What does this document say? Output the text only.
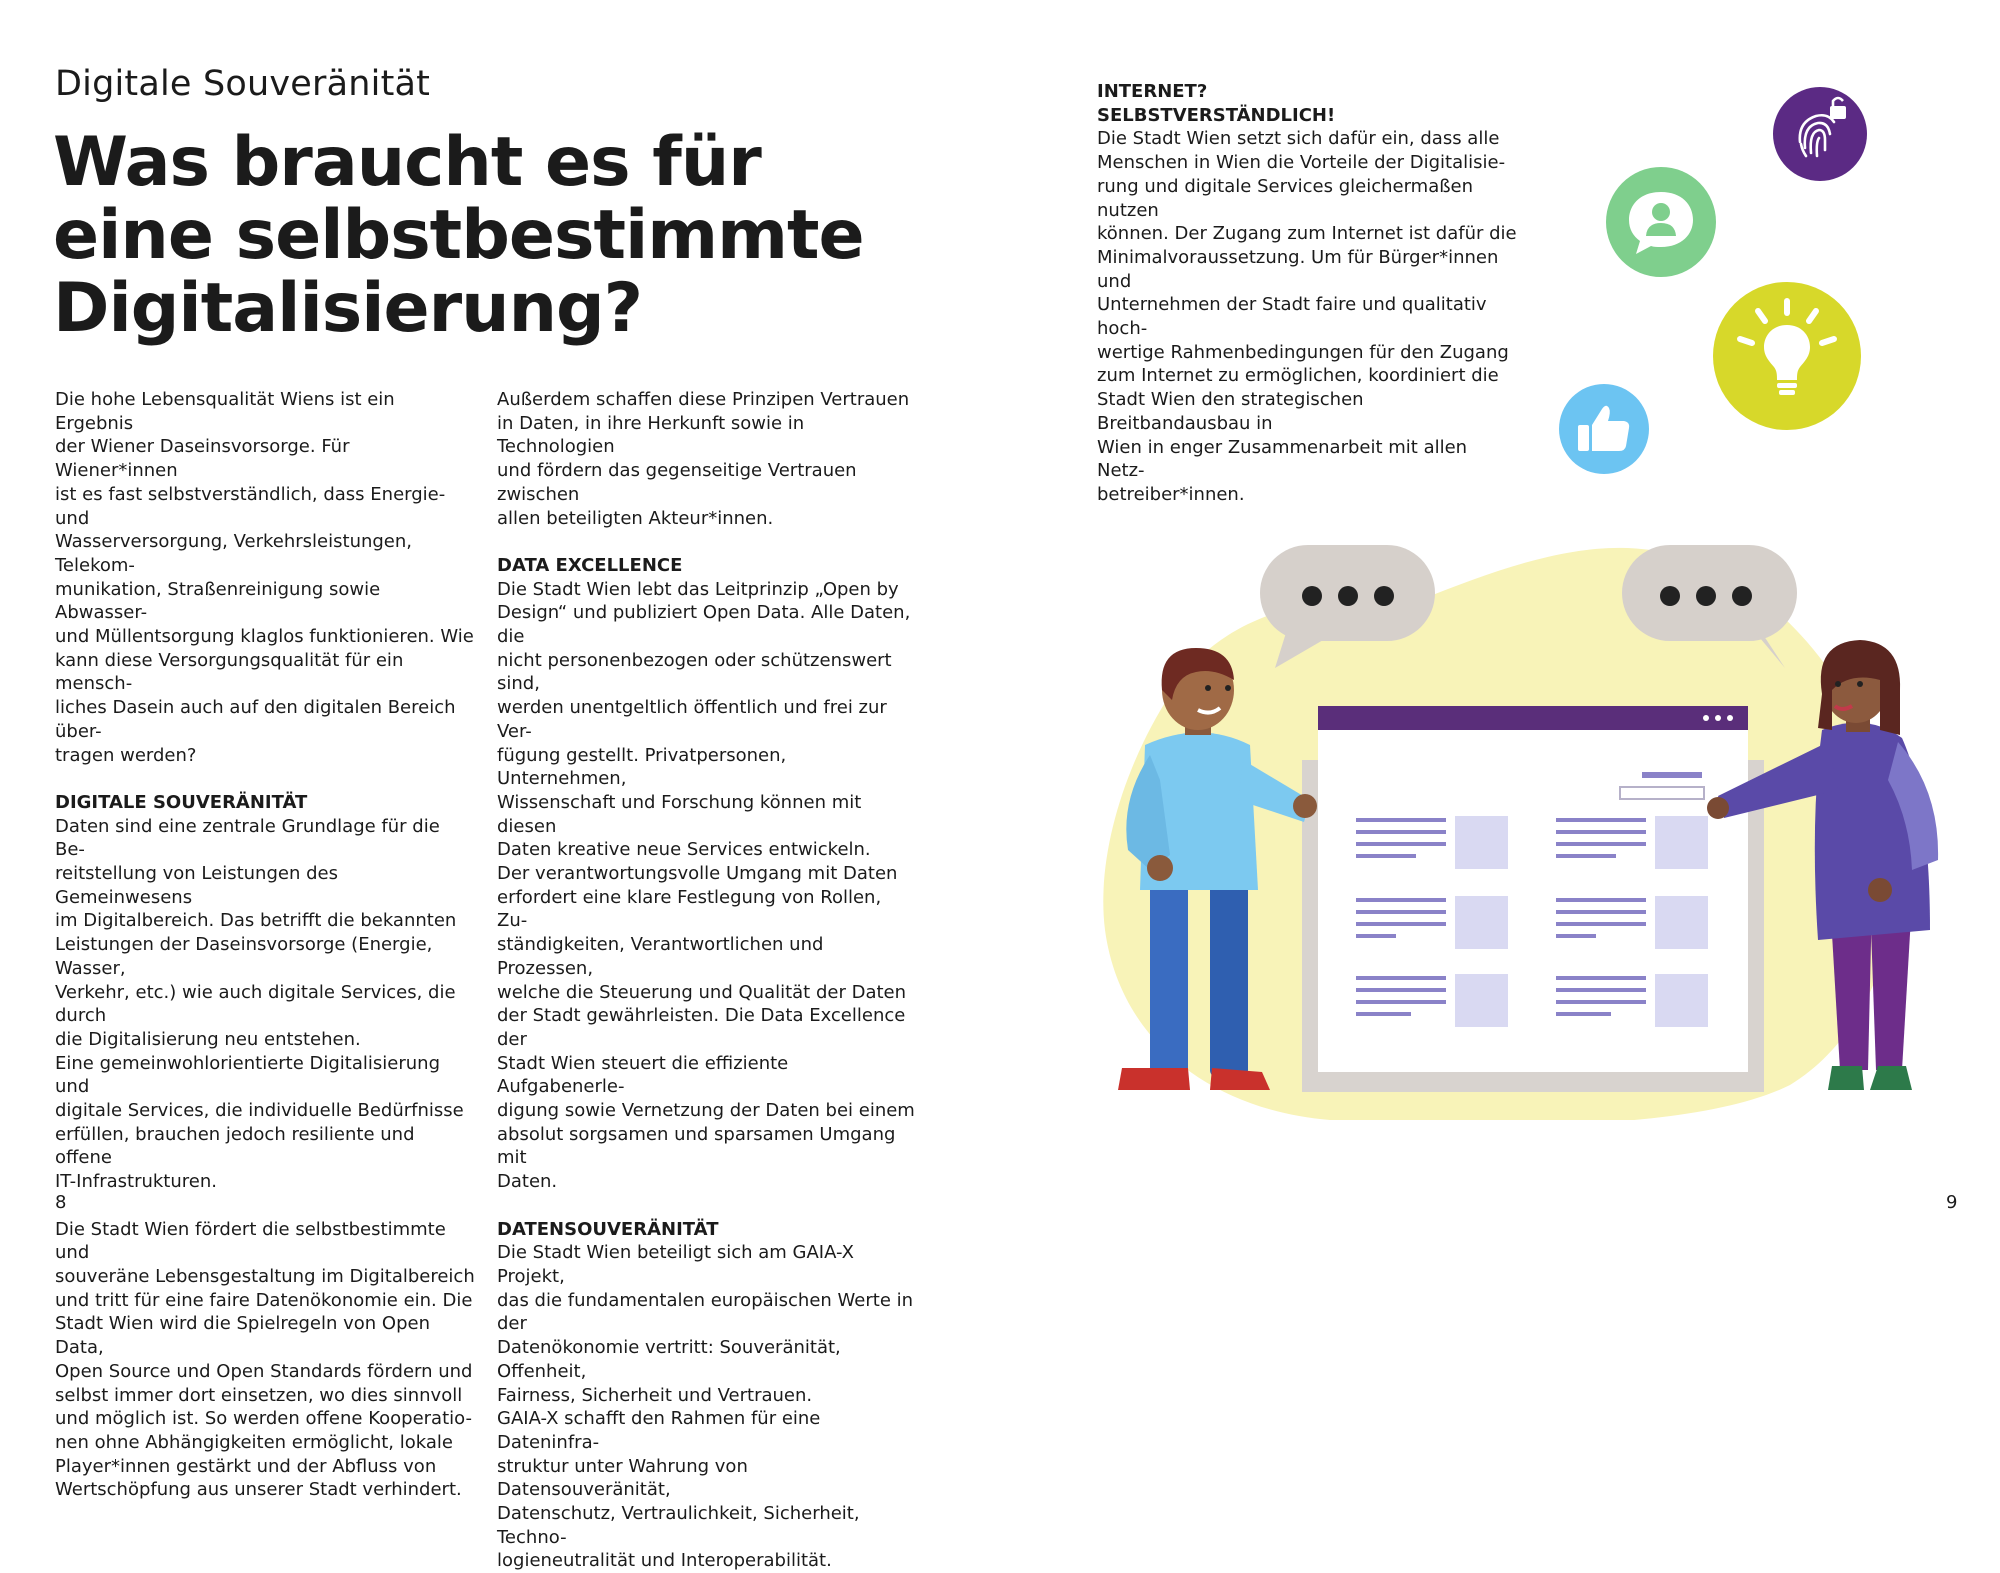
Digitale Souveränität
Was braucht es für
eine selbstbestimmte
Digitalisierung?

Die hohe Lebensqualität Wiens ist ein Ergebnis
der Wiener Daseinsvorsorge. Für Wiener*innen
ist es fast selbstverständlich, dass Energie- und
Wasserversorgung, Verkehrsleistungen, Telekom-
munikation, Straßenreinigung sowie Abwasser-
und Müllentsorgung klaglos funktionieren. Wie
kann diese Versorgungsqualität für ein mensch-
liches Dasein auch auf den digitalen Bereich über-
tragen werden?

DIGITALE SOUVERÄNITÄT

Daten sind eine zentrale Grundlage für die Be-
reitstellung von Leistungen des Gemeinwesens
im Digitalbereich. Das betrifft die bekannten
Leistungen der Daseinsvorsorge (Energie, Wasser,
Verkehr, etc.) wie auch digitale Services, die durch
die Digitalisierung neu entstehen.
Eine gemeinwohlorientierte Digitalisierung und
digitale Services, die individuelle Bedürfnisse
erfüllen, brauchen jedoch resiliente und offene
IT-Infrastrukturen.

Die Stadt Wien fördert die selbstbestimmte und
souveräne Lebensgestaltung im Digitalbereich
und tritt für eine faire Datenökonomie ein. Die
Stadt Wien wird die Spielregeln von Open Data,
Open Source und Open Standards fördern und
selbst immer dort einsetzen, wo dies sinnvoll
und möglich ist. So werden offene Kooperatio-
nen ohne Abhängigkeiten ermöglicht, lokale
Player*innen gestärkt und der Abfluss von
Wertschöpfung aus unserer Stadt verhindert.

Außerdem schaffen diese Prinzipen Vertrauen
in Daten, in ihre Herkunft sowie in Technologien
und fördern das gegenseitige Vertrauen zwischen
allen beteiligten Akteur*innen.

DATA EXCELLENCE

Die Stadt Wien lebt das Leitprinzip „Open by
Design“ und publiziert Open Data. Alle Daten, die
nicht personenbezogen oder schützenswert sind,
werden unentgeltlich öffentlich und frei zur Ver-
fügung gestellt. Privatpersonen, Unternehmen,
Wissenschaft und Forschung können mit diesen
Daten kreative neue Services entwickeln.
Der verantwortungsvolle Umgang mit Daten
erfordert eine klare Festlegung von Rollen, Zu-
ständigkeiten, Verantwortlichen und Prozessen,
welche die Steuerung und Qualität der Daten
der Stadt gewährleisten. Die Data Excellence der
Stadt Wien steuert die effiziente Aufgabenerle-
digung sowie Vernetzung der Daten bei einem
absolut sorgsamen und sparsamen Umgang mit
Daten.

DATENSOUVERÄNITÄT

Die Stadt Wien beteiligt sich am GAIA-X Projekt,
das die fundamentalen europäischen Werte in der
Datenökonomie vertritt: Souveränität, Offenheit,
Fairness, Sicherheit und Vertrauen.
GAIA-X schafft den Rahmen für eine Dateninfra-
struktur unter Wahrung von Datensouveränität,
Datenschutz, Vertraulichkeit, Sicherheit, Techno-
logieneutralität und Interoperabilität.

8

INTERNET?
SELBSTVERSTÄNDLICH!

Die Stadt Wien setzt sich dafür ein, dass alle
Menschen in Wien die Vorteile der Digitalisie-
rung und digitale Services gleichermaßen nutzen
können. Der Zugang zum Internet ist dafür die
Minimalvoraussetzung. Um für Bürger*innen und
Unternehmen der Stadt faire und qualitativ hoch-
wertige Rahmenbedingungen für den Zugang
zum Internet zu ermöglichen, koordiniert die
Stadt Wien den strategischen Breitbandausbau in
Wien in enger Zusammenarbeit mit allen Netz-
betreiber*innen.

9
